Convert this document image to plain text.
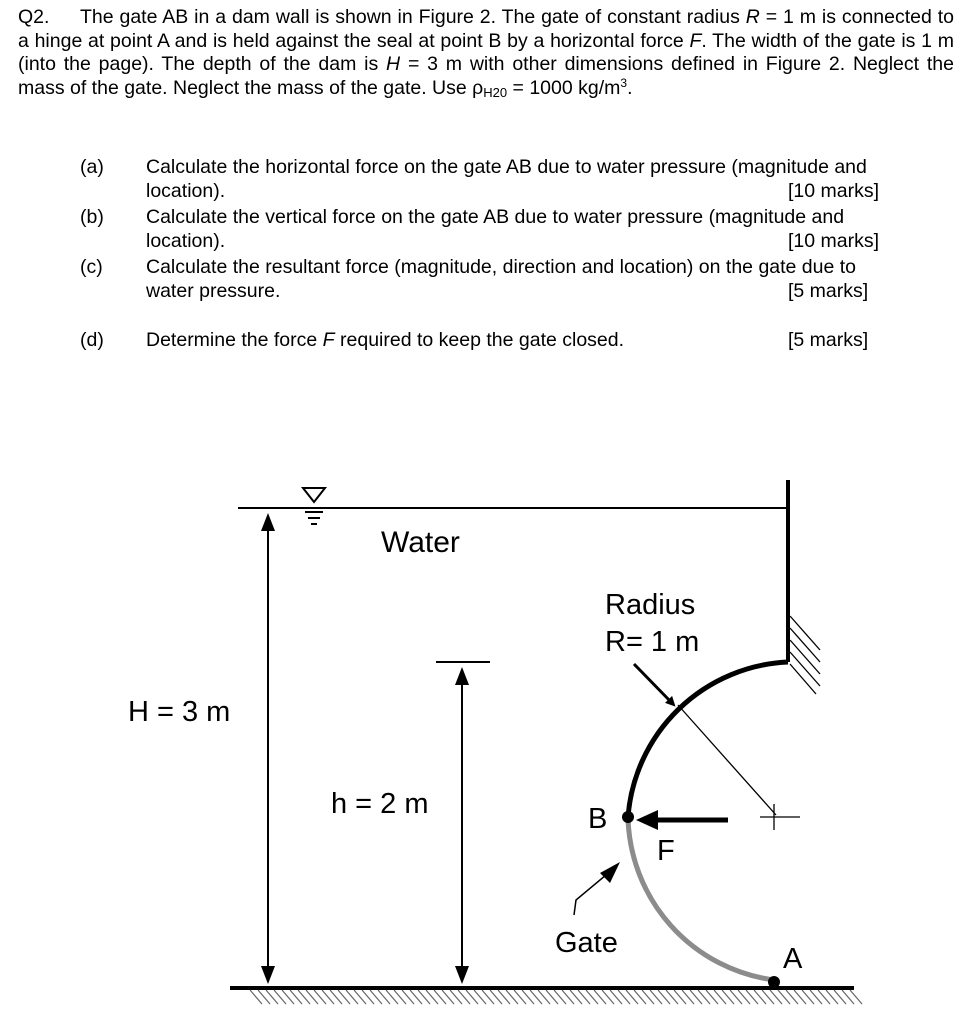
Q2. The gate AB in a dam wall is shown in Figure 2. The gate of constant radius R = 1 m is connected to a hinge at point A and is held against the seal at point B by a horizontal force F. The width of the gate is 1 m (into the page). The depth of the dam is H = 3 m with other dimensions defined in Figure 2. Neglect the mass of the gate. Neglect the mass of the gate. Use $\rho_{H20} = 1000$ $kg/m^3$.
(a) Calculate the horizontal force on the gate AB due to water pressure (magnitude and
location).	[10 marks]
(b) Calculate the vertical force on the gate AB due to water pressure (magnitude and
location).	[10 marks]
(c) Calculate the resultant force (magnitude, direction and location) on the gate due to
water pressure.	[5 marks]
(d) Determine the force F required to keep the gate closed.	[5 marks]
Water
Radius
R= 1 m
H = 3 m
h = 2 m	B
F
Gate	A
